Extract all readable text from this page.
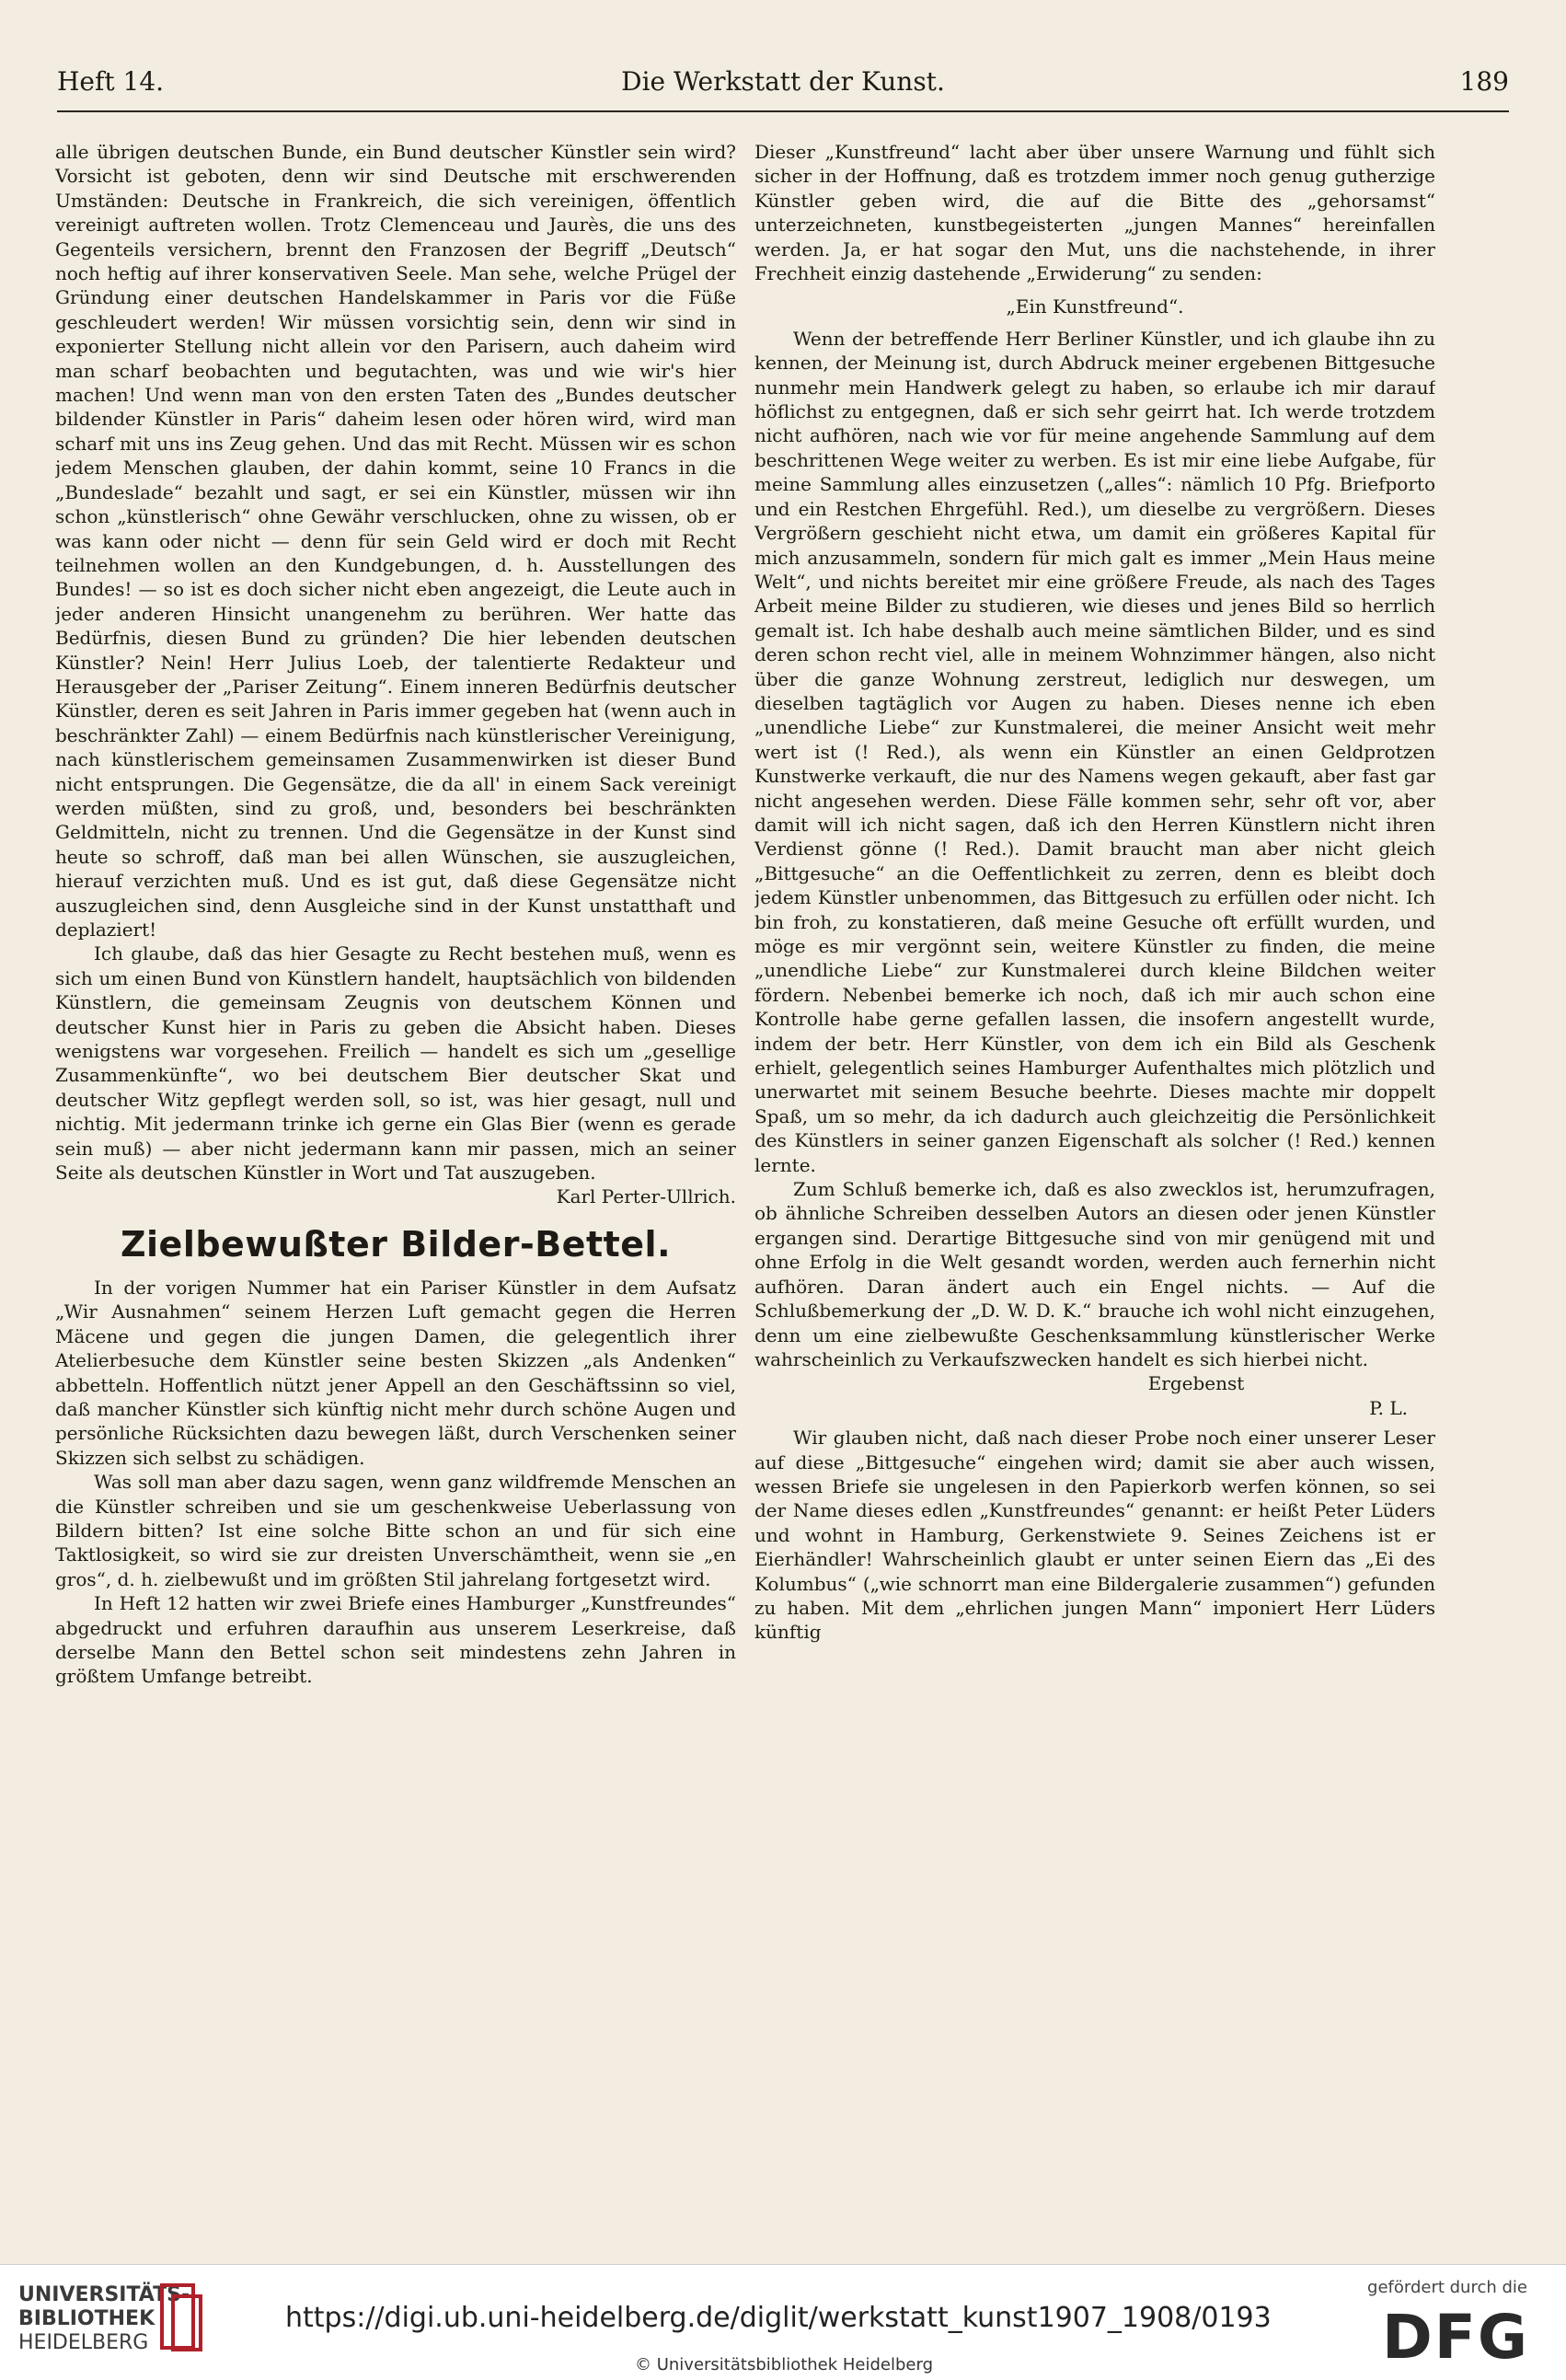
Heft 14.	Die Werkstatt der Kunst.	189

alle übrigen deutschen Bunde, ein Bund deutscher Künstler sein wird? Vorsicht ist geboten, denn wir sind Deutsche mit erschwerenden Umständen: Deutsche in Frankreich, die sich vereinigen, öffentlich vereinigt auftreten wollen. Trotz Clemenceau und Jaurès, die uns des Gegenteils versichern, brennt den Franzosen der Begriff „Deutsch“ noch heftig auf ihrer konservativen Seele. Man sehe, welche Prügel der Gründung einer deutschen Handelskammer in Paris vor die Füße geschleudert werden! Wir müssen vorsichtig sein, denn wir sind in exponierter Stellung nicht allein vor den Parisern, auch daheim wird man scharf beobachten und begutachten, was und wie wir's hier machen! Und wenn man von den ersten Taten des „Bundes deutscher bildender Künstler in Paris“ daheim lesen oder hören wird, wird man scharf mit uns ins Zeug gehen. Und das mit Recht. Müssen wir es schon jedem Menschen glauben, der dahin kommt, seine 10 Francs in die „Bundeslade“ bezahlt und sagt, er sei ein Künstler, müssen wir ihn schon „künstlerisch“ ohne Gewähr verschlucken, ohne zu wissen, ob er was kann oder nicht — denn für sein Geld wird er doch mit Recht teilnehmen wollen an den Kundgebungen, d. h. Ausstellungen des Bundes! — so ist es doch sicher nicht eben angezeigt, die Leute auch in jeder anderen Hinsicht unangenehm zu berühren. Wer hatte das Bedürfnis, diesen Bund zu gründen? Die hier lebenden deutschen Künstler? Nein! Herr Julius Loeb, der talentierte Redakteur und Herausgeber der „Pariser Zeitung“. Einem inneren Bedürfnis deutscher Künstler, deren es seit Jahren in Paris immer gegeben hat (wenn auch in beschränkter Zahl) — einem Bedürfnis nach künstlerischer Vereinigung, nach künstlerischem gemeinsamen Zusammenwirken ist dieser Bund nicht entsprungen. Die Gegensätze, die da all' in einem Sack vereinigt werden müßten, sind zu groß, und, besonders bei beschränkten Geldmitteln, nicht zu trennen. Und die Gegensätze in der Kunst sind heute so schroff, daß man bei allen Wünschen, sie auszugleichen, hierauf verzichten muß. Und es ist gut, daß diese Gegensätze nicht auszugleichen sind, denn Ausgleiche sind in der Kunst unstatthaft und deplaziert!

Ich glaube, daß das hier Gesagte zu Recht bestehen muß, wenn es sich um einen Bund von Künstlern handelt, hauptsächlich von bildenden Künstlern, die gemeinsam Zeugnis von deutschem Können und deutscher Kunst hier in Paris zu geben die Absicht haben. Dieses wenigstens war vorgesehen. Freilich — handelt es sich um „gesellige Zusammenkünfte“, wo bei deutschem Bier deutscher Skat und deutscher Witz gepflegt werden soll, so ist, was hier gesagt, null und nichtig. Mit jedermann trinke ich gerne ein Glas Bier (wenn es gerade sein muß) — aber nicht jedermann kann mir passen, mich an seiner Seite als deutschen Künstler in Wort und Tat auszugeben.

Karl Perter-Ullrich.

Zielbewußter Bilder-Bettel.

In der vorigen Nummer hat ein Pariser Künstler in dem Aufsatz „Wir Ausnahmen“ seinem Herzen Luft gemacht gegen die Herren Mäcene und gegen die jungen Damen, die gelegentlich ihrer Atelierbesuche dem Künstler seine besten Skizzen „als Andenken“ abbetteln. Hoffentlich nützt jener Appell an den Geschäftssinn so viel, daß mancher Künstler sich künftig nicht mehr durch schöne Augen und persönliche Rücksichten dazu bewegen läßt, durch Verschenken seiner Skizzen sich selbst zu schädigen.

Was soll man aber dazu sagen, wenn ganz wildfremde Menschen an die Künstler schreiben und sie um geschenkweise Ueberlassung von Bildern bitten? Ist eine solche Bitte schon an und für sich eine Taktlosigkeit, so wird sie zur dreisten Unverschämtheit, wenn sie „en gros“, d. h. zielbewußt und im größten Stil jahrelang fortgesetzt wird.

In Heft 12 hatten wir zwei Briefe eines Hamburger „Kunstfreundes“ abgedruckt und erfuhren daraufhin aus unserem Leserkreise, daß derselbe Mann den Bettel schon seit mindestens zehn Jahren in größtem Umfange betreibt.

Dieser „Kunstfreund“ lacht aber über unsere Warnung und fühlt sich sicher in der Hoffnung, daß es trotzdem immer noch genug gutherzige Künstler geben wird, die auf die Bitte des „gehorsamst“ unterzeichneten, kunstbegeisterten „jungen Mannes“ hereinfallen werden. Ja, er hat sogar den Mut, uns die nachstehende, in ihrer Frechheit einzig dastehende „Erwiderung“ zu senden:

„Ein Kunstfreund“.

Wenn der betreffende Herr Berliner Künstler, und ich glaube ihn zu kennen, der Meinung ist, durch Abdruck meiner ergebenen Bittgesuche nunmehr mein Handwerk gelegt zu haben, so erlaube ich mir darauf höflichst zu entgegnen, daß er sich sehr geirrt hat. Ich werde trotzdem nicht aufhören, nach wie vor für meine angehende Sammlung auf dem beschrittenen Wege weiter zu werben. Es ist mir eine liebe Aufgabe, für meine Sammlung alles einzusetzen („alles“: nämlich 10 Pfg. Briefporto und ein Restchen Ehrgefühl. Red.), um dieselbe zu vergrößern. Dieses Vergrößern geschieht nicht etwa, um damit ein größeres Kapital für mich anzusammeln, sondern für mich galt es immer „Mein Haus meine Welt“, und nichts bereitet mir eine größere Freude, als nach des Tages Arbeit meine Bilder zu studieren, wie dieses und jenes Bild so herrlich gemalt ist. Ich habe deshalb auch meine sämtlichen Bilder, und es sind deren schon recht viel, alle in meinem Wohnzimmer hängen, also nicht über die ganze Wohnung zerstreut, lediglich nur deswegen, um dieselben tagtäglich vor Augen zu haben. Dieses nenne ich eben „unendliche Liebe“ zur Kunstmalerei, die meiner Ansicht weit mehr wert ist (! Red.), als wenn ein Künstler an einen Geldprotzen Kunstwerke verkauft, die nur des Namens wegen gekauft, aber fast gar nicht angesehen werden. Diese Fälle kommen sehr, sehr oft vor, aber damit will ich nicht sagen, daß ich den Herren Künstlern nicht ihren Verdienst gönne (! Red.). Damit braucht man aber nicht gleich „Bittgesuche“ an die Oeffentlichkeit zu zerren, denn es bleibt doch jedem Künstler unbenommen, das Bittgesuch zu erfüllen oder nicht. Ich bin froh, zu konstatieren, daß meine Gesuche oft erfüllt wurden, und möge es mir vergönnt sein, weitere Künstler zu finden, die meine „unendliche Liebe“ zur Kunstmalerei durch kleine Bildchen weiter fördern. Nebenbei bemerke ich noch, daß ich mir auch schon eine Kontrolle habe gerne gefallen lassen, die insofern angestellt wurde, indem der betr. Herr Künstler, von dem ich ein Bild als Geschenk erhielt, gelegentlich seines Hamburger Aufenthaltes mich plötzlich und unerwartet mit seinem Besuche beehrte. Dieses machte mir doppelt Spaß, um so mehr, da ich dadurch auch gleichzeitig die Persönlichkeit des Künstlers in seiner ganzen Eigenschaft als solcher (! Red.) kennen lernte.

Zum Schluß bemerke ich, daß es also zwecklos ist, herumzufragen, ob ähnliche Schreiben desselben Autors an diesen oder jenen Künstler ergangen sind. Derartige Bittgesuche sind von mir genügend mit und ohne Erfolg in die Welt gesandt worden, werden auch fernerhin nicht aufhören. Daran ändert auch ein Engel nichts. — Auf die Schlußbemerkung der „D. W. D. K.“ brauche ich wohl nicht einzugehen, denn um eine zielbewußte Geschenksammlung künstlerischer Werke wahrscheinlich zu Verkaufszwecken handelt es sich hierbei nicht.

Ergebenst

P. L.

Wir glauben nicht, daß nach dieser Probe noch einer unserer Leser auf diese „Bittgesuche“ eingehen wird; damit sie aber auch wissen, wessen Briefe sie ungelesen in den Papierkorb werfen können, so sei der Name dieses edlen „Kunstfreundes“ genannt: er heißt Peter Lüders und wohnt in Hamburg, Gerkenstwiete 9. Seines Zeichens ist er Eierhändler! Wahrscheinlich glaubt er unter seinen Eiern das „Ei des Kolumbus“ („wie schnorrt man eine Bildergalerie zusammen“) gefunden zu haben. Mit dem „ehrlichen jungen Mann“ imponiert Herr Lüders künftig

UNIVERSITÄTS-
BIBLIOTHEK
HEIDELBERG
https://digi.ub.uni-heidelberg.de/diglit/werkstatt_kunst1907_1908/0193
© Universitätsbibliothek Heidelberg
gefördert durch die
DFG
